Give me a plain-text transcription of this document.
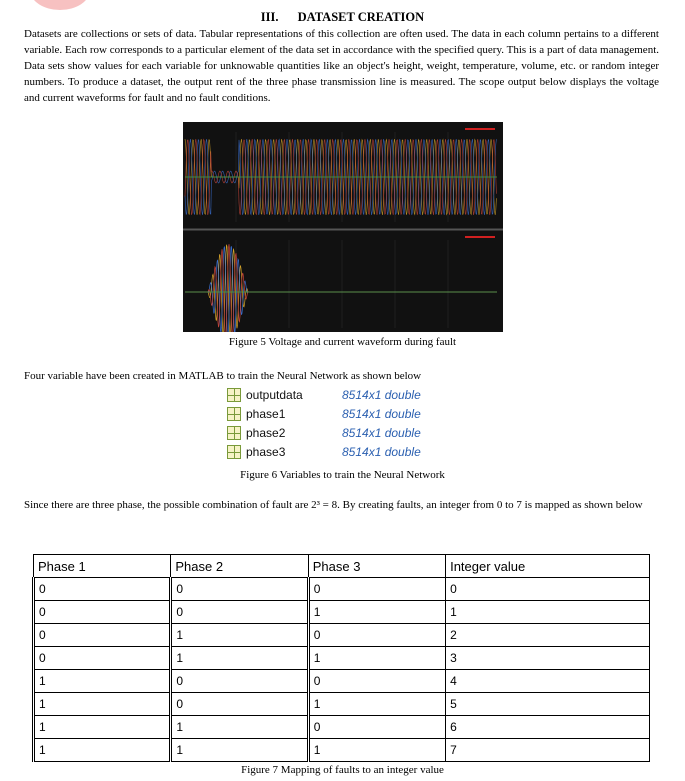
III. DATASET CREATION

Datasets are collections or sets of data. Tabular representations of this collection are often used. The data in each column pertains to a different variable. Each row corresponds to a particular element of the data set in accordance with the specified query. This is a part of data management. Data sets show values for each variable for unknowable quantities like an object's height, weight, temperature, volume, etc. or random integer numbers. To produce a dataset, the output rent of the three phase transmission line is measured. The scope output below displays the voltage and current waveforms for fault and no fault conditions.

Figure 5 Voltage and current waveform during fault

Four variable have been created in MATLAB to train the Neural Network as shown below

outputdata	8514x1 double
phase1	8514x1 double
phase2	8514x1 double
phase3	8514x1 double
Figure 6 Variables to train the Neural Network

Since there are three phase, the possible combination of fault are 2³ = 8. By creating faults, an integer from 0 to 7 is mapped as shown below

Phase 1	Phase 2	Phase 3	Integer value
0	0	0	0
0	0	1	1
0	1	0	2
0	1	1	3
1	0	0	4
1	0	1	5
1	1	0	6
1	1	1	7
Figure 7 Mapping of faults to an integer value
